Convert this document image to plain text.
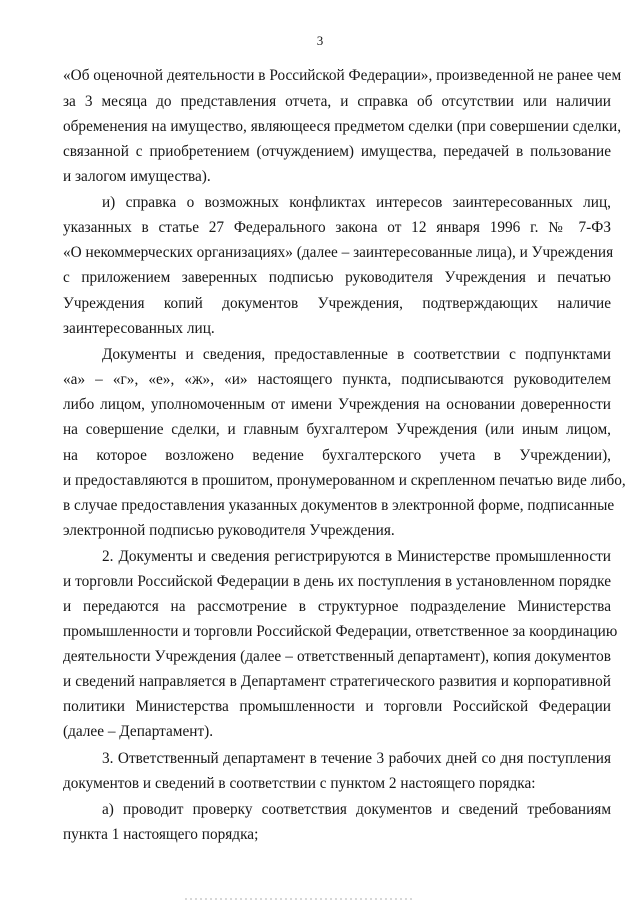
3
«Об оценочной деятельности в Российской Федерации», произведенной не ранее чем
за 3 месяца до представления отчета, и справка об отсутствии или наличии
обременения на имущество, являющееся предметом сделки (при совершении сделки,
связанной с приобретением (отчуждением) имущества, передачей в пользование
и залогом имущества).
и) справка о возможных конфликтах интересов заинтересованных лиц,
указанных в статье 27 Федерального закона от 12 января 1996 г. № 7-ФЗ
«О некоммерческих организациях» (далее – заинтересованные лица), и Учреждения
с приложением заверенных подписью руководителя Учреждения и печатью
Учреждения копий документов Учреждения, подтверждающих наличие
заинтересованных лиц.
Документы и сведения, предоставленные в соответствии с подпунктами
«а» – «г», «е», «ж», «и» настоящего пункта, подписываются руководителем
либо лицом, уполномоченным от имени Учреждения на основании доверенности
на совершение сделки, и главным бухгалтером Учреждения (или иным лицом,
на которое возложено ведение бухгалтерского учета в Учреждении),
и предоставляются в прошитом, пронумерованном и скрепленном печатью виде либо,
в случае предоставления указанных документов в электронной форме, подписанные
электронной подписью руководителя Учреждения.
2. Документы и сведения регистрируются в Министерстве промышленности
и торговли Российской Федерации в день их поступления в установленном порядке
и передаются на рассмотрение в структурное подразделение Министерства
промышленности и торговли Российской Федерации, ответственное за координацию
деятельности Учреждения (далее – ответственный департамент), копия документов
и сведений направляется в Департамент стратегического развития и корпоративной
политики Министерства промышленности и торговли Российской Федерации
(далее – Департамент).
3. Ответственный департамент в течение 3 рабочих дней со дня поступления
документов и сведений в соответствии с пунктом 2 настоящего порядка:
а) проводит проверку соответствия документов и сведений требованиям
пункта 1 настоящего порядка;
